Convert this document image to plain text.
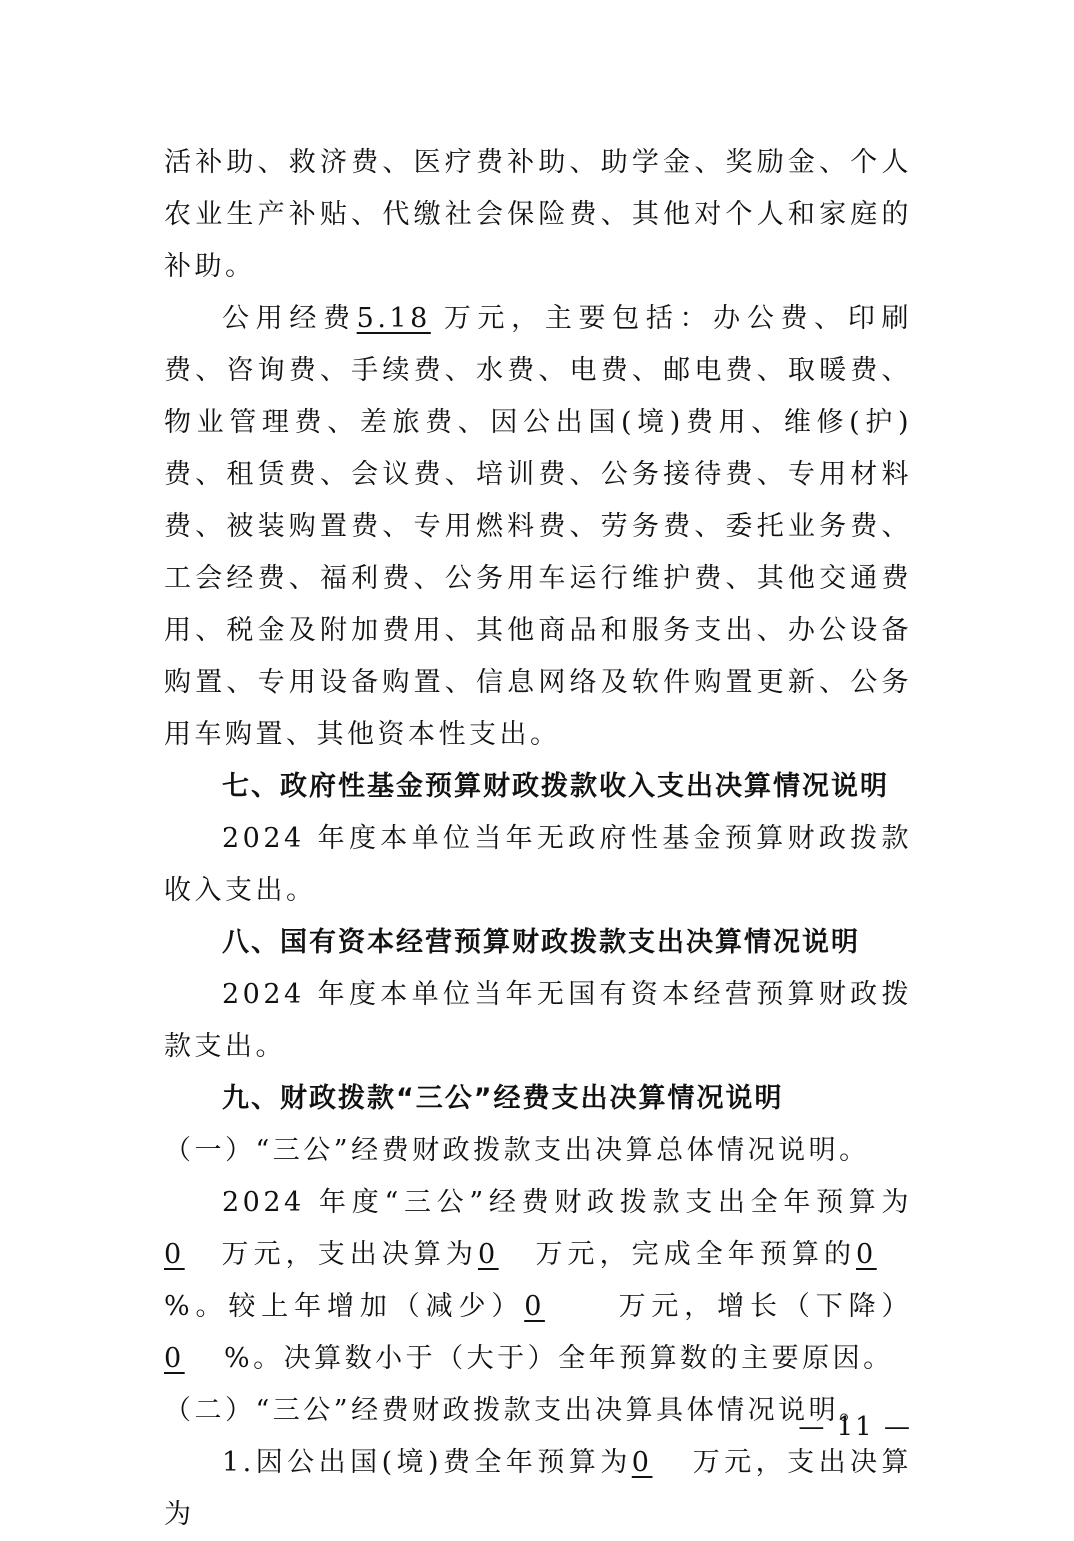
活补助、救济费、医疗费补助、助学金、奖励金、个人农业生产补贴、代缴社会保险费、其他对个人和家庭的补助。

公用经费5.18 万元，主要包括：办公费、印刷费、咨询费、手续费、水费、电费、邮电费、取暖费、物业管理费、差旅费、因公出国(境)费用、维修(护)费、租赁费、会议费、培训费、公务接待费、专用材料费、被装购置费、专用燃料费、劳务费、委托业务费、工会经费、福利费、公务用车运行维护费、其他交通费用、税金及附加费用、其他商品和服务支出、办公设备购置、专用设备购置、信息网络及软件购置更新、公务用车购置、其他资本性支出。

七、政府性基金预算财政拨款收入支出决算情况说明

2024 年度本单位当年无政府性基金预算财政拨款收入支出。

八、国有资本经营预算财政拨款支出决算情况说明

2024 年度本单位当年无国有资本经营预算财政拨款支出。

九、财政拨款“三公”经费支出决算情况说明

（一）“三公”经费财政拨款支出决算总体情况说明。

2024 年度“三公”经费财政拨款支出全年预算为0 万元，支出决算为0 万元，完成全年预算的0%。较上年增加（减少）0	万元，增长（下降）0 %。决算数小于（大于）全年预算数的主要原因。

（二）“三公”经费财政拨款支出决算具体情况说明。

1.因公出国(境)费全年预算为0 万元，支出决算为

— 11 —
